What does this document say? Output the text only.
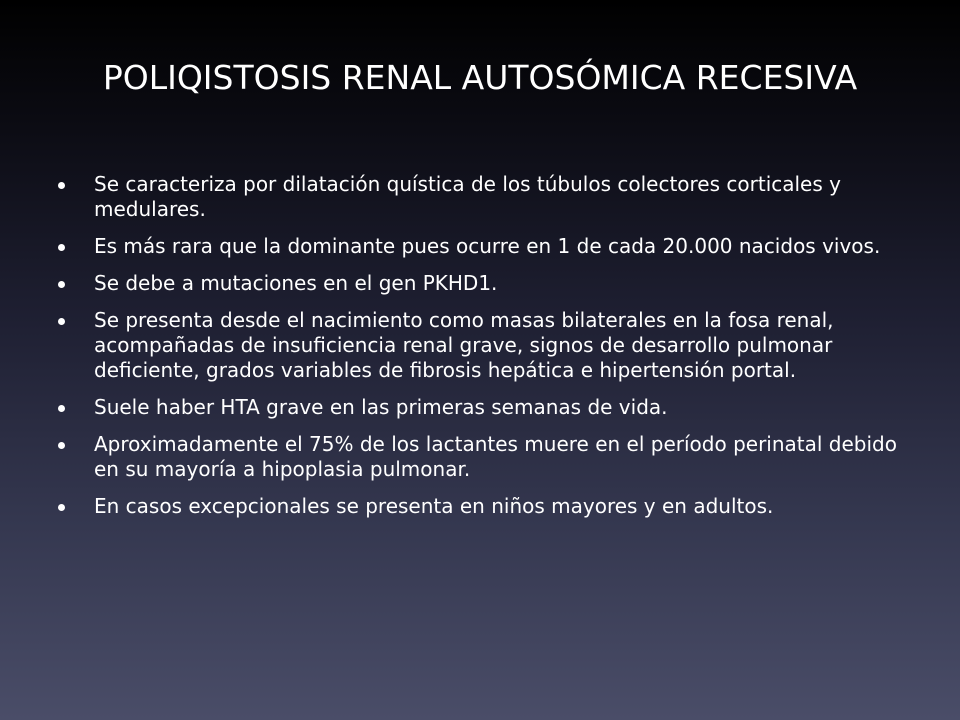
POLIQISTOSIS RENAL AUTOSÓMICA RECESIVA
Se caracteriza por dilatación quística de los túbulos colectores corticales y medulares.
Es más rara que la dominante pues ocurre en 1 de cada 20.000 nacidos vivos.
Se debe a mutaciones en el gen PKHD1.
Se presenta desde el nacimiento como masas bilaterales en la fosa renal, acompañadas de insuficiencia renal grave, signos de desarrollo pulmonar deficiente, grados variables de fibrosis hepática e hipertensión portal.
Suele haber HTA grave en las primeras semanas de vida.
Aproximadamente el 75% de los lactantes muere en el período perinatal debido en su mayoría a hipoplasia pulmonar.
En casos excepcionales se presenta en niños mayores y en adultos.
